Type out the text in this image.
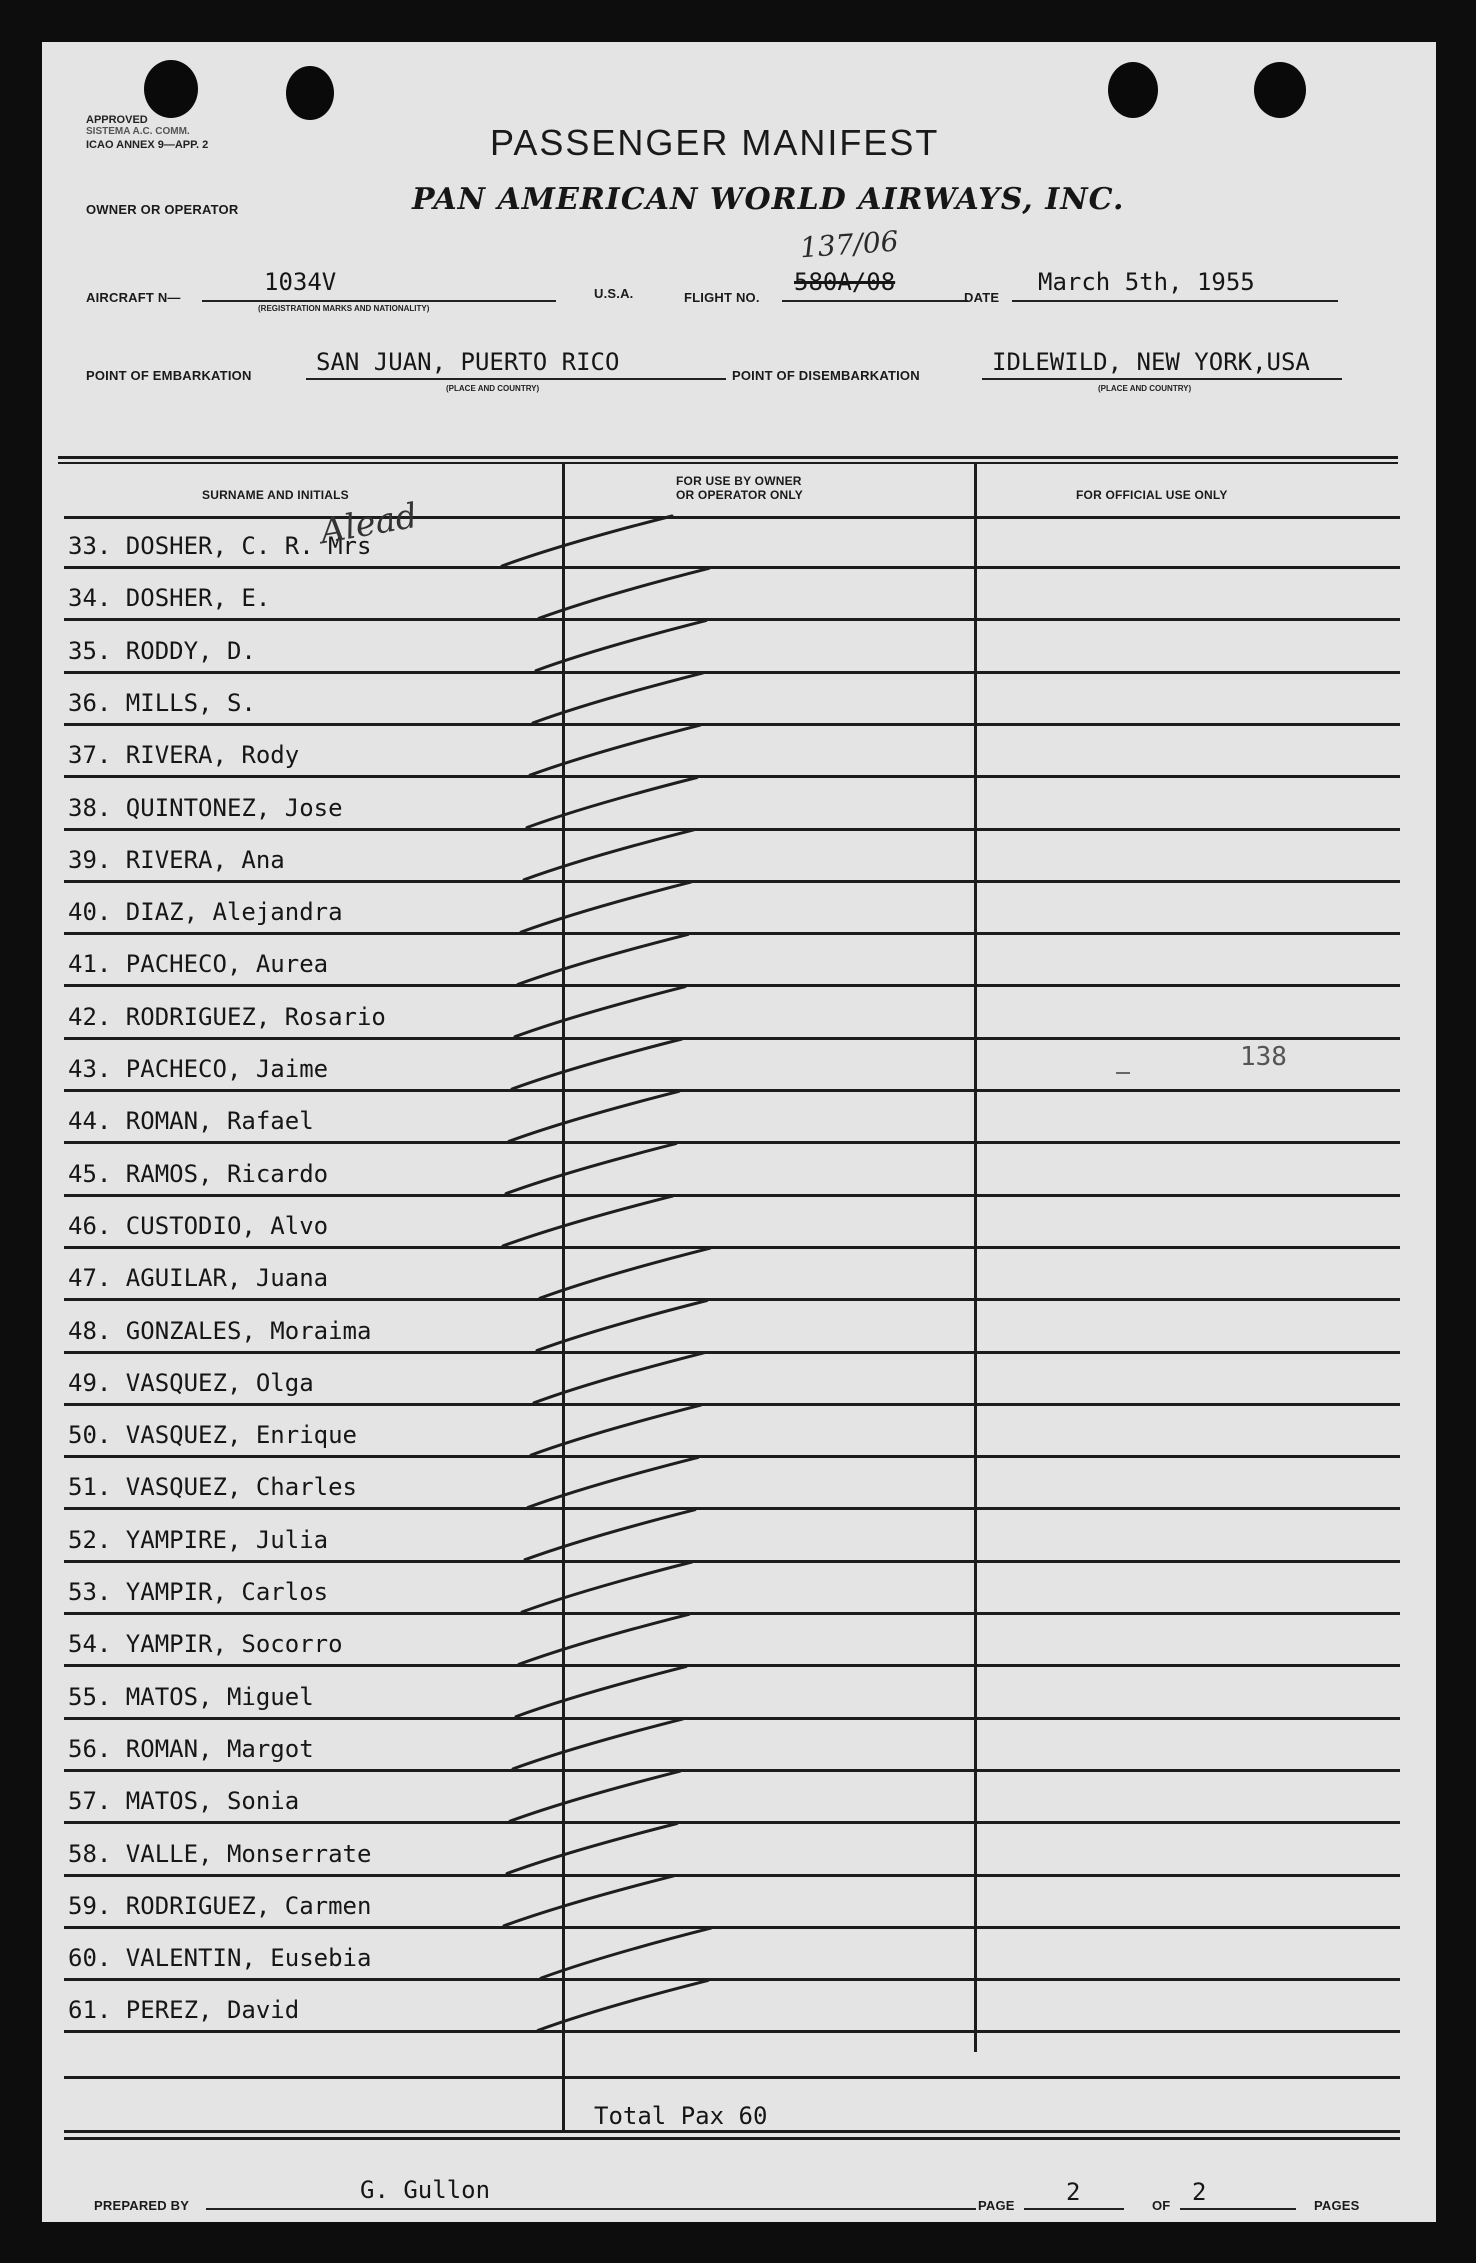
APPROVED
SISTEMA A.C. COMM.
ICAO ANNEX 9—APP. 2	PASSENGER MANIFEST
OWNER OR OPERATOR	PAN AMERICAN WORLD AIRWAYS, INC.
AIRCRAFT N—
1034V
(REGISTRATION MARKS AND NATIONALITY)
U.S.A.	FLIGHT NO.
580A/08
137/06
DATE
March 5th, 1955
POINT OF EMBARKATION	SAN JUAN, PUERTO RICO
(PLACE AND COUNTRY)
POINT OF DISEMBARKATION	IDLEWILD, NEW YORK,USA
(PLACE AND COUNTRY)
SURNAME AND INITIALS
FOR USE BY OWNER
OR OPERATOR ONLY	FOR OFFICIAL USE ONLY
33. DOSHER, C. R. Mrs
34. DOSHER, E.
35. RODDY, D.
36. MILLS, S.
37. RIVERA, Rody
38. QUINTONEZ, Jose
39. RIVERA, Ana
40. DIAZ, Alejandra
41. PACHECO, Aurea
42. RODRIGUEZ, Rosario
43. PACHECO, Jaime
44. ROMAN, Rafael
45. RAMOS, Ricardo
46. CUSTODIO, Alvo
47. AGUILAR, Juana
48. GONZALES, Moraima
49. VASQUEZ, Olga
50. VASQUEZ, Enrique
51. VASQUEZ, Charles
52. YAMPIRE, Julia
53. YAMPIR, Carlos
54. YAMPIR, Socorro
55. MATOS, Miguel
56. ROMAN, Margot
57. MATOS, Sonia
58. VALLE, Monserrate
59. RODRIGUEZ, Carmen
60. VALENTIN, Eusebia
61. PEREZ, David
Alead
138
Total Pax 60
PREPARED BY
G. Gullon
PAGE 2	OF 2	PAGES
